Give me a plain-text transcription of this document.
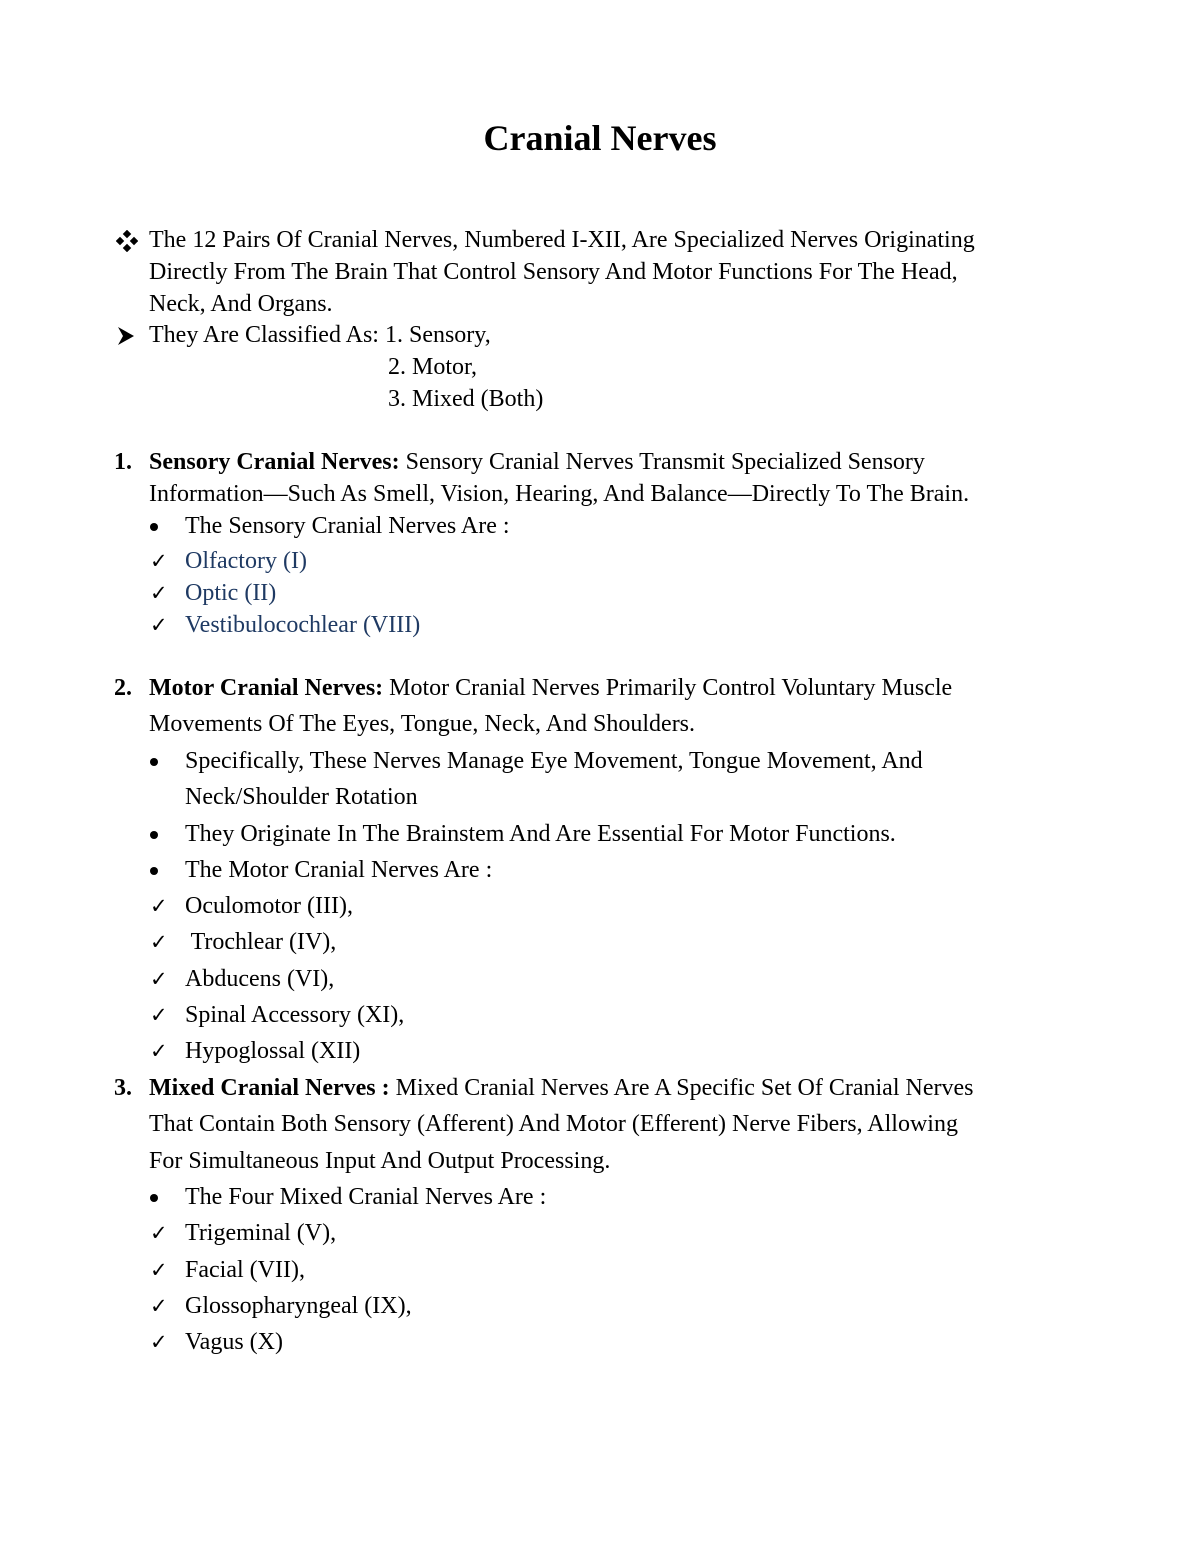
Cranial Nerves
The 12 Pairs Of Cranial Nerves, Numbered I-XII, Are Specialized Nerves Originating
Directly From The Brain That Control Sensory And Motor Functions For The Head,
Neck, And Organs.
They Are Classified As: 1. Sensory,
2. Motor,
3. Mixed (Both)
1. Sensory Cranial Nerves: Sensory Cranial Nerves Transmit Specialized Sensory
Information—Such As Smell, Vision, Hearing, And Balance—Directly To The Brain.
The Sensory Cranial Nerves Are :
✓ Olfactory (I)
✓ Optic (II)
✓ Vestibulocochlear (VIII)
2. Motor Cranial Nerves: Motor Cranial Nerves Primarily Control Voluntary Muscle
Movements Of The Eyes, Tongue, Neck, And Shoulders.
Specifically, These Nerves Manage Eye Movement, Tongue Movement, And
Neck/Shoulder Rotation
They Originate In The Brainstem And Are Essential For Motor Functions.
The Motor Cranial Nerves Are :
✓ Oculomotor (III),
✓ Trochlear (IV),
✓ Abducens (VI),
✓ Spinal Accessory (XI),
✓ Hypoglossal (XII)
3. Mixed Cranial Nerves : Mixed Cranial Nerves Are A Specific Set Of Cranial Nerves
That Contain Both Sensory (Afferent) And Motor (Efferent) Nerve Fibers, Allowing
For Simultaneous Input And Output Processing.
The Four Mixed Cranial Nerves Are :
✓ Trigeminal (V),
✓ Facial (VII),
✓ Glossopharyngeal (IX),
✓ Vagus (X)
